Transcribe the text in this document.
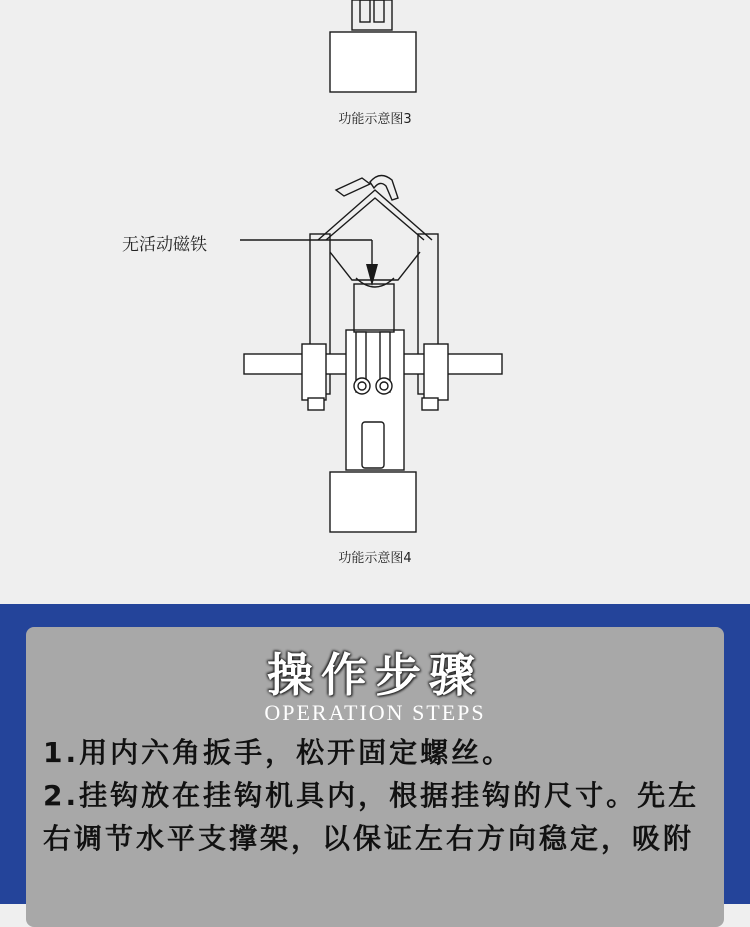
功能示意图3
无活动磁铁
功能示意图4
操作步骤
OPERATION STEPS

1.用内六角扳手，松开固定螺丝。

2.挂钩放在挂钩机具内，根据挂钩的尺寸。先左右调节水平支撑架，以保证左右方向稳定，吸附
